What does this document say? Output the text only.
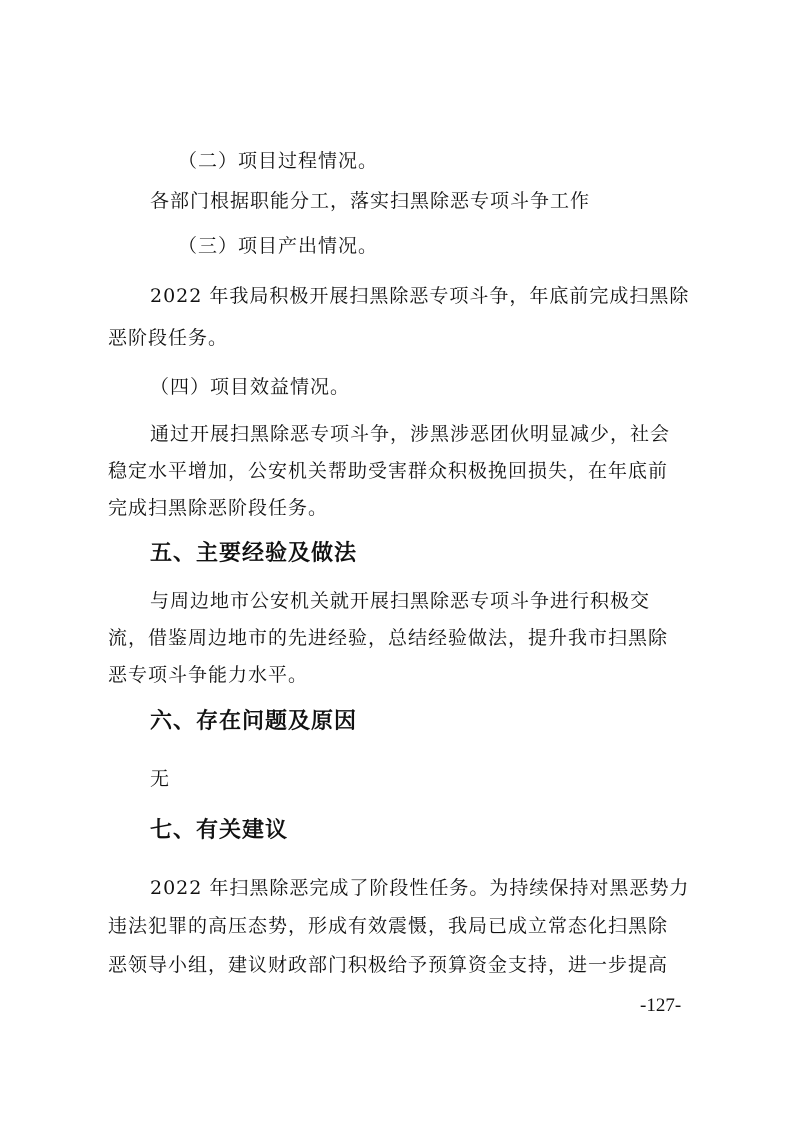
（二）项目过程情况。
各部门根据职能分工，落实扫黑除恶专项斗争工作
（三）项目产出情况。
2022 年我局积极开展扫黑除恶专项斗争，年底前完成扫黑除
恶阶段任务。
（四）项目效益情况。
通过开展扫黑除恶专项斗争，涉黑涉恶团伙明显减少，社会
稳定水平增加，公安机关帮助受害群众积极挽回损失，在年底前
完成扫黑除恶阶段任务。
五、主要经验及做法
与周边地市公安机关就开展扫黑除恶专项斗争进行积极交
流，借鉴周边地市的先进经验，总结经验做法，提升我市扫黑除
恶专项斗争能力水平。
六、存在问题及原因
无
七、有关建议
2022 年扫黑除恶完成了阶段性任务。为持续保持对黑恶势力
违法犯罪的高压态势，形成有效震慑，我局已成立常态化扫黑除
恶领导小组，建议财政部门积极给予预算资金支持，进一步提高
-127-
